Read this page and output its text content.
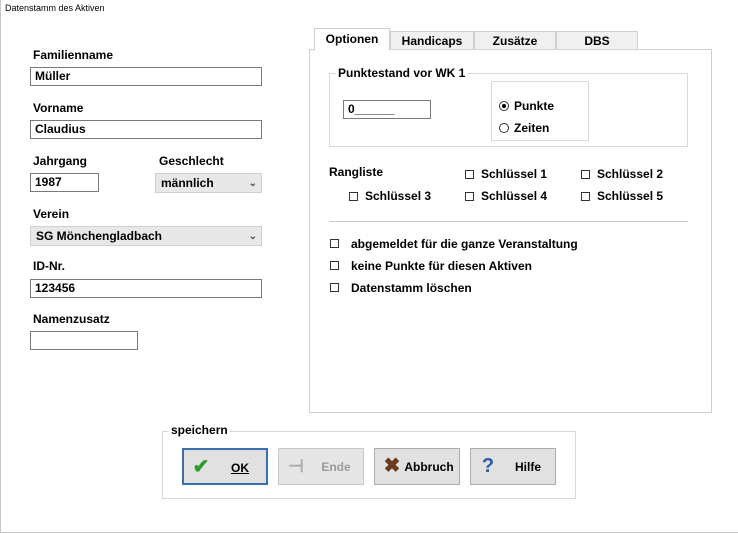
Datenstamm des Aktiven
Familienname
Müller
Vorname
Claudius
Jahrgang
1987
Geschlecht
männlich	⌄
Verein
SG Mönchengladbach	⌄
ID-Nr.
123456
Namenzusatz
Optionen	Handicaps	Zusätze	DBS
Punktestand vor WK 1
0______	Punkte
Zeiten
Rangliste	Schlüssel 1	Schlüssel 2
Schlüssel 3	Schlüssel 4	Schlüssel 5
abgemeldet für die ganze Veranstaltung
keine Punkte für diesen Aktiven
Datenstamm löschen
speichern
✔	OK	⊣	Ende	✖ Abbruch ?	Hilfe
